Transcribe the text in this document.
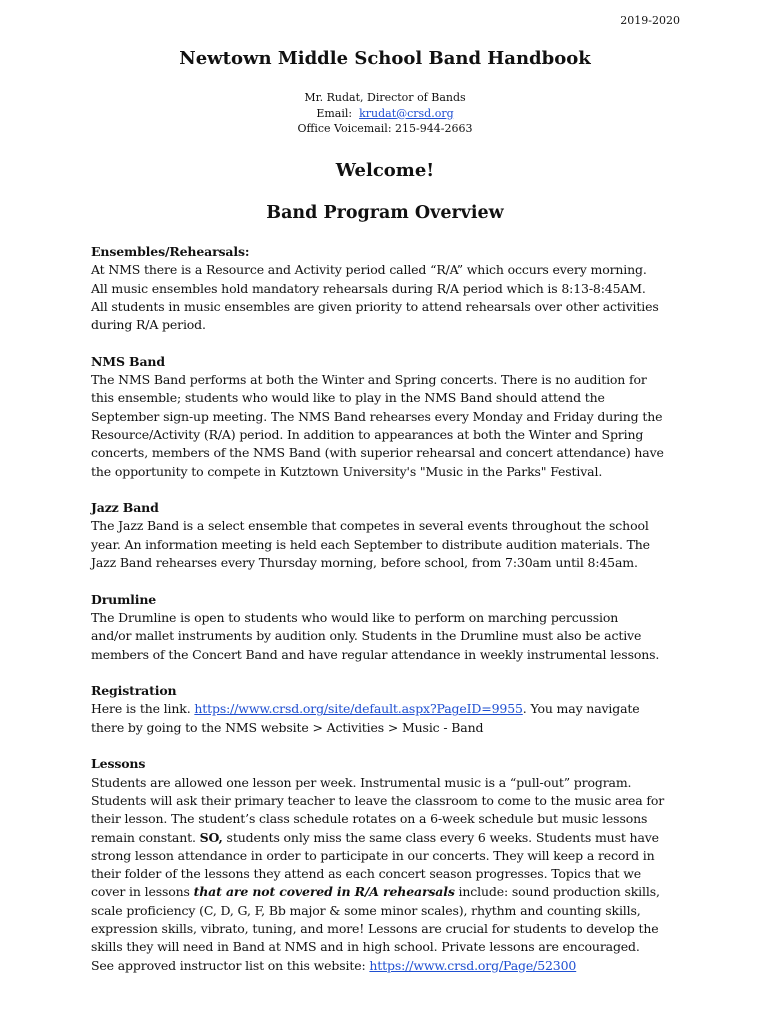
2019-2020
Newtown Middle School Band Handbook
Mr. Rudat, Director of Bands
Email: krudat@crsd.org
Office Voicemail: 215-944-2663
Welcome!
Band Program Overview
Ensembles/Rehearsals:
At NMS there is a Resource and Activity period called “R/A” which occurs every morning.
All music ensembles hold mandatory rehearsals during R/A period which is 8:13-8:45AM.
All students in music ensembles are given priority to attend rehearsals over other activities
during R/A period.
NMS Band
The NMS Band performs at both the Winter and Spring concerts. There is no audition for
this ensemble; students who would like to play in the NMS Band should attend the
September sign-up meeting. The NMS Band rehearses every Monday and Friday during the
Resource/Activity (R/A) period. In addition to appearances at both the Winter and Spring
concerts, members of the NMS Band (with superior rehearsal and concert attendance) have
the opportunity to compete in Kutztown University's "Music in the Parks" Festival.
Jazz Band
The Jazz Band is a select ensemble that competes in several events throughout the school
year. An information meeting is held each September to distribute audition materials. The
Jazz Band rehearses every Thursday morning, before school, from 7:30am until 8:45am.
Drumline
The Drumline is open to students who would like to perform on marching percussion
and/or mallet instruments by audition only. Students in the Drumline must also be active
members of the Concert Band and have regular attendance in weekly instrumental lessons.
Registration
Here is the link. https://www.crsd.org/site/default.aspx?PageID=9955. You may navigate
there by going to the NMS website > Activities > Music - Band
Lessons
Students are allowed one lesson per week. Instrumental music is a “pull-out” program.
Students will ask their primary teacher to leave the classroom to come to the music area for
their lesson. The student’s class schedule rotates on a 6-week schedule but music lessons
remain constant. SO, students only miss the same class every 6 weeks. Students must have
strong lesson attendance in order to participate in our concerts. They will keep a record in
their folder of the lessons they attend as each concert season progresses. Topics that we
cover in lessons that are not covered in R/A rehearsals include: sound production skills,
scale proficiency (C, D, G, F, Bb major & some minor scales), rhythm and counting skills,
expression skills, vibrato, tuning, and more! Lessons are crucial for students to develop the
skills they will need in Band at NMS and in high school. Private lessons are encouraged.
See approved instructor list on this website: https://www.crsd.org/Page/52300
